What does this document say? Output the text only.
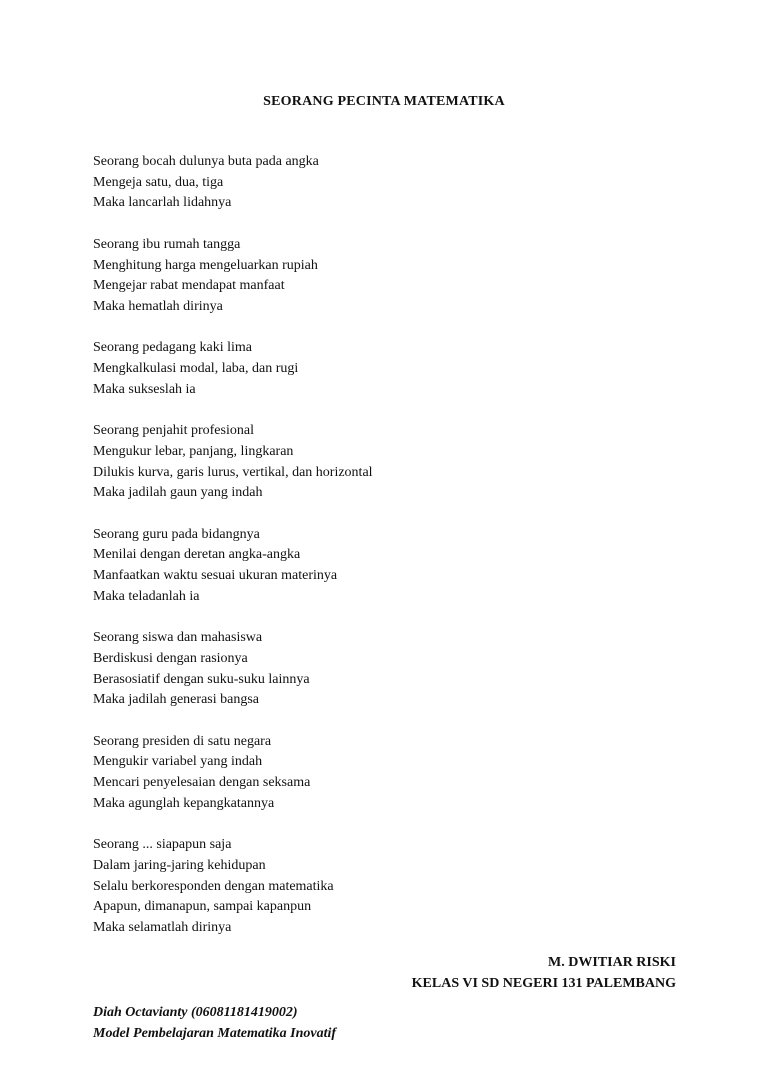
SEORANG PECINTA MATEMATIKA
Seorang bocah dulunya buta pada angka
Mengeja satu, dua, tiga
Maka lancarlah lidahnya
Seorang ibu rumah tangga
Menghitung harga mengeluarkan rupiah
Mengejar rabat mendapat manfaat
Maka hematlah dirinya
Seorang pedagang kaki lima
Mengkalkulasi modal, laba, dan rugi
Maka sukseslah ia
Seorang penjahit profesional
Mengukur lebar, panjang, lingkaran
Dilukis kurva, garis lurus, vertikal, dan horizontal
Maka jadilah gaun yang indah
Seorang guru pada bidangnya
Menilai dengan deretan angka-angka
Manfaatkan waktu sesuai ukuran materinya
Maka teladanlah ia
Seorang siswa dan mahasiswa
Berdiskusi dengan rasionya
Berasosiatif dengan suku-suku lainnya
Maka jadilah generasi bangsa
Seorang presiden di satu negara
Mengukir variabel yang indah
Mencari penyelesaian dengan seksama
Maka agunglah kepangkatannya
Seorang ... siapapun saja
Dalam jaring-jaring kehidupan
Selalu berkoresponden dengan matematika
Apapun, dimanapun, sampai kapanpun
Maka selamatlah dirinya
M. DWITIAR RISKI
KELAS VI SD NEGERI 131 PALEMBANG
Diah Octavianty (06081181419002)
Model Pembelajaran Matematika Inovatif
